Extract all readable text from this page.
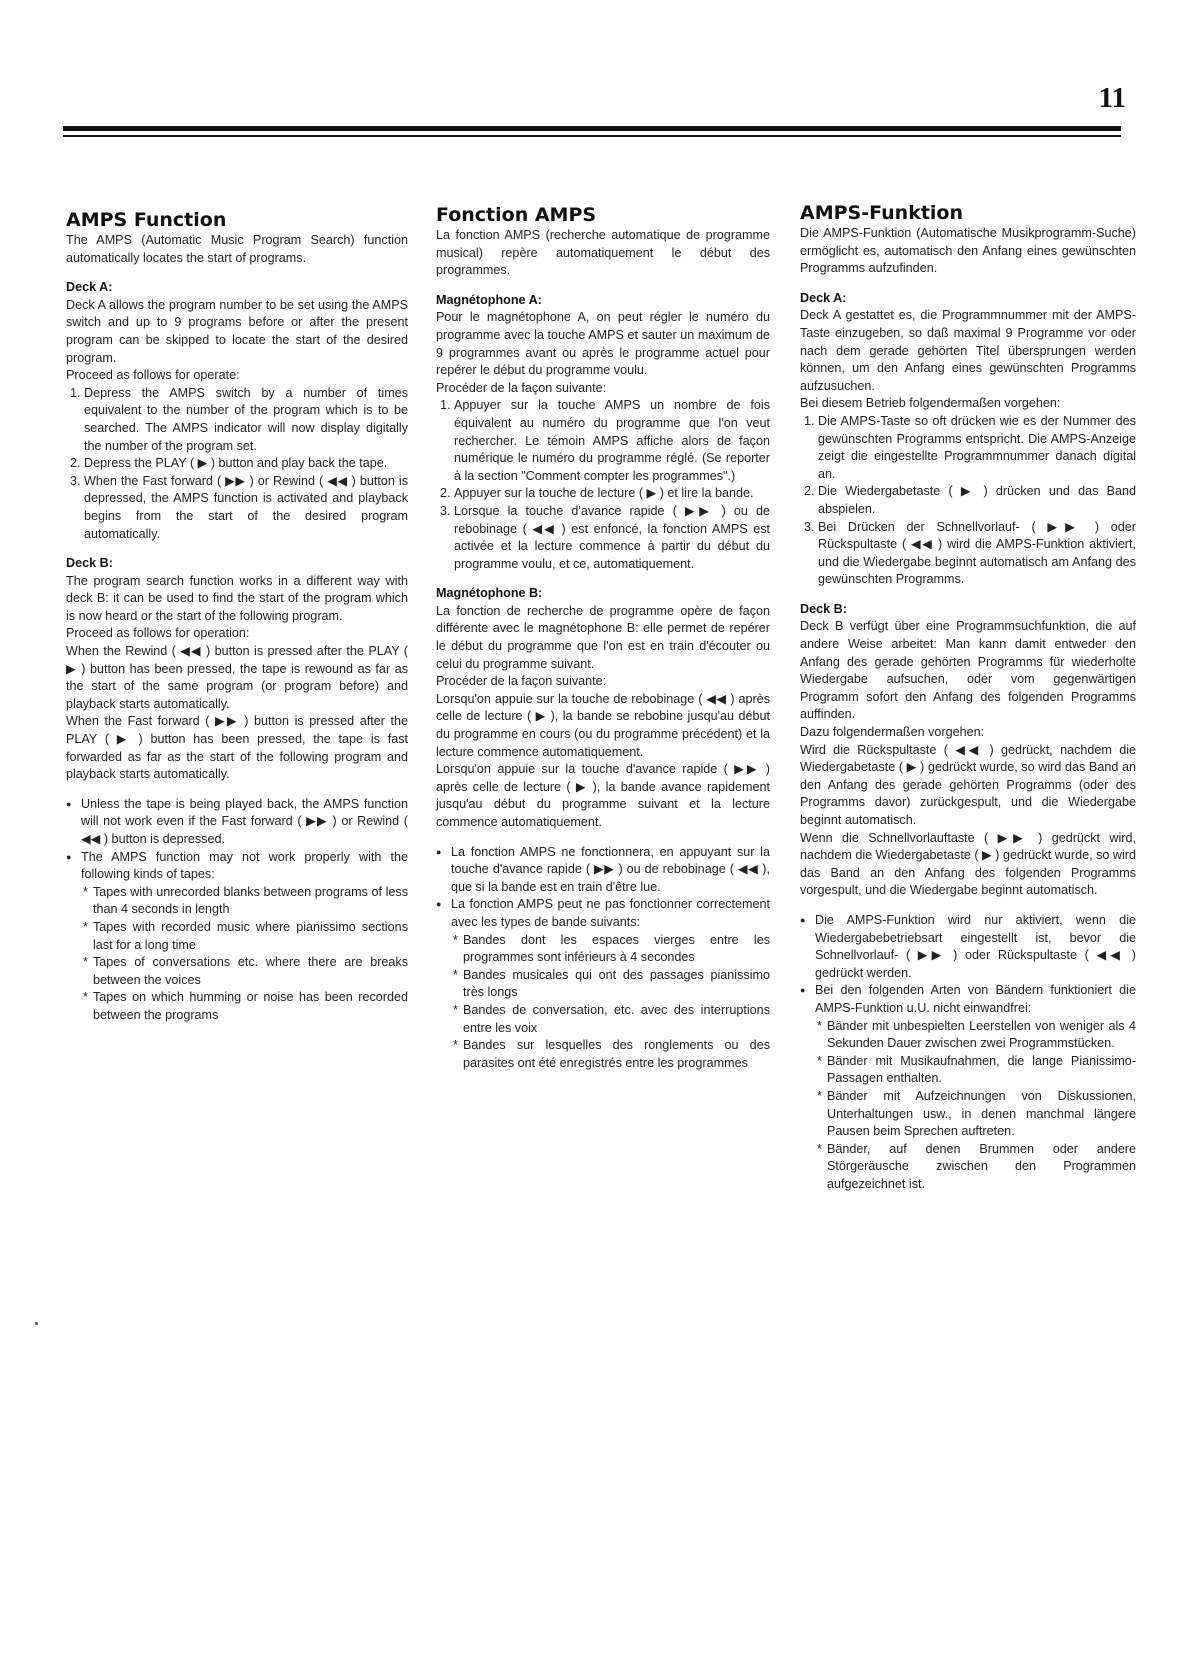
11
AMPS Function

The AMPS (Automatic Music Program Search) function automatically locates the start of programs.

Deck A:

Deck A allows the program number to be set using the AMPS switch and up to 9 programs before or after the present program can be skipped to locate the start of the desired program.

Proceed as follows for operate:

1. Depress the AMPS switch by a number of times equivalent to the number of the program which is to be searched. The AMPS indicator will now display digitally the number of the program set.
2. Depress the PLAY ( ▶ ) button and play back the tape.
3. When the Fast forward ( ▶▶ ) or Rewind ( ◀◀ ) button is depressed, the AMPS function is activated and playback begins from the start of the desired program automatically.
Deck B:

The program search function works in a different way with deck B: it can be used to find the start of the program which is now heard or the start of the following program.

Proceed as follows for operation:

When the Rewind ( ◀◀ ) button is pressed after the PLAY ( ▶ ) button has been pressed, the tape is rewound as far as the start of the same program (or program before) and playback starts automatically.

When the Fast forward ( ▶▶ ) button is pressed after the PLAY ( ▶ ) button has been pressed, the tape is fast forwarded as far as the start of the following program and playback starts automatically.

● Unless the tape is being played back, the AMPS function will not work even if the Fast forward ( ▶▶ ) or Rewind ( ◀◀ ) button is depressed.
● The AMPS function may not work properly with the following kinds of tapes:
* Tapes with unrecorded blanks between programs of less than 4 seconds in length
* Tapes with recorded music where pianissimo sections last for a long time
* Tapes of conversations etc. where there are breaks between the voices
* Tapes on which humming or noise has been recorded between the programs
Fonction AMPS

La fonction AMPS (recherche automatique de programme musical) repère automatiquement le début des programmes.

Magnétophone A:

Pour le magnétophone A, on peut régler le numéro du programme avec la touche AMPS et sauter un maximum de 9 programmes avant ou après le programme actuel pour repérer le début du programme voulu.

Procéder de la façon suivante:

1. Appuyer sur la touche AMPS un nombre de fois équivalent au numéro du programme que l'on veut rechercher. Le témoin AMPS affiche alors de façon numérique le numéro du programme réglé. (Se reporter à la section "Comment compter les programmes".)
2. Appuyer sur la touche de lecture ( ▶ ) et lire la bande.
3. Lorsque la touche d'avance rapide ( ▶▶ ) ou de rebobinage ( ◀◀ ) est enfoncé, la fonction AMPS est activée et la lecture commence à partir du début du programme voulu, et ce, automatiquement.
Magnétophone B:

La fonction de recherche de programme opère de façon différente avec le magnétophone B: elle permet de repérer le début du programme que l'on est en train d'écouter ou celui du programme suivant.

Procéder de la façon suivante:

Lorsqu'on appuie sur la touche de rebobinage ( ◀◀ ) après celle de lecture ( ▶ ), la bande se rebobine jusqu'au début du programme en cours (ou du programme précédent) et la lecture commence automatiquement.

Lorsqu'on appuie sur la touche d'avance rapide ( ▶▶ ) après celle de lecture ( ▶ ), la bande avance rapidement jusqu'au début du programme suivant et la lecture commence automatiquement.

● La fonction AMPS ne fonctionnera, en appuyant sur la touche d'avance rapide ( ▶▶ ) ou de rebobinage ( ◀◀ ), que si la bande est en train d'être lue.
● La fonction AMPS peut ne pas fonctionner correctement avec les types de bande suivants:
* Bandes dont les espaces vierges entre les programmes sont inférieurs à 4 secondes
* Bandes musicales qui ont des passages pianissimo très longs
* Bandes de conversation, etc. avec des interruptions entre les voix
* Bandes sur lesquelles des ronglements ou des parasites ont été enregistrés entre les programmes
AMPS-Funktion

Die AMPS-Funktion (Automatische Musikprogramm-Suche) ermöglicht es, automatisch den Anfang eines gewünschten Programms aufzufinden.

Deck A:

Deck A gestattet es, die Programmnummer mit der AMPS-Taste einzugeben, so daß maximal 9 Programme vor oder nach dem gerade gehörten Titel übersprungen werden können, um den Anfang eines gewünschten Programms aufzusuchen.

Bei diesem Betrieb folgendermaßen vorgehen:

1. Die AMPS-Taste so oft drücken wie es der Nummer des gewünschten Programms entspricht. Die AMPS-Anzeige zeigt die eingestellte Programmnummer danach digital an.
2. Die Wiedergabetaste ( ▶ ) drücken und das Band abspielen.
3. Bei Drücken der Schnellvorlauf- ( ▶▶ ) oder Rückspultaste ( ◀◀ ) wird die AMPS-Funktion aktiviert, und die Wiedergabe beginnt automatisch am Anfang des gewünschten Programms.
Deck B:

Deck B verfügt über eine Programmsuchfunktion, die auf andere Weise arbeitet: Man kann damit entweder den Anfang des gerade gehörten Programms für wiederholte Wiedergabe aufsuchen, oder vom gegenwärtigen Programm sofort den Anfang des folgenden Programms auffinden.

Dazu folgendermaßen vorgehen:

Wird die Rückspultaste ( ◀◀ ) gedrückt, nachdem die Wiedergabetaste ( ▶ ) gedrückt wurde, so wird das Band an den Anfang des gerade gehörten Programms (oder des Programms davor) zurückgespult, und die Wiedergabe beginnt automatisch.

Wenn die Schnellvorlauftaste ( ▶▶ ) gedrückt wird, nachdem die Wiedergabetaste ( ▶ ) gedrückt wurde, so wird das Band an den Anfang des folgenden Programms vorgespult, und die Wiedergabe beginnt automatisch.

● Die AMPS-Funktion wird nur aktiviert, wenn die Wiedergabebetriebsart eingestellt ist, bevor die Schnellvorlauf- ( ▶▶ ) oder Rückspultaste ( ◀◀ ) gedrückt werden.
● Bei den folgenden Arten von Bändern funktioniert die AMPS-Funktion u.U. nicht einwandfrei:
* Bänder mit unbespielten Leerstellen von weniger als 4 Sekunden Dauer zwischen zwei Programmstücken.
* Bänder mit Musikaufnahmen, die lange Pianissimo-Passagen enthalten.
* Bänder mit Aufzeichnungen von Diskussionen, Unterhaltungen usw., in denen manchmal längere Pausen beim Sprechen auftreten.
* Bänder, auf denen Brummen oder andere Störgeräusche zwischen den Programmen aufgezeichnet ist.
